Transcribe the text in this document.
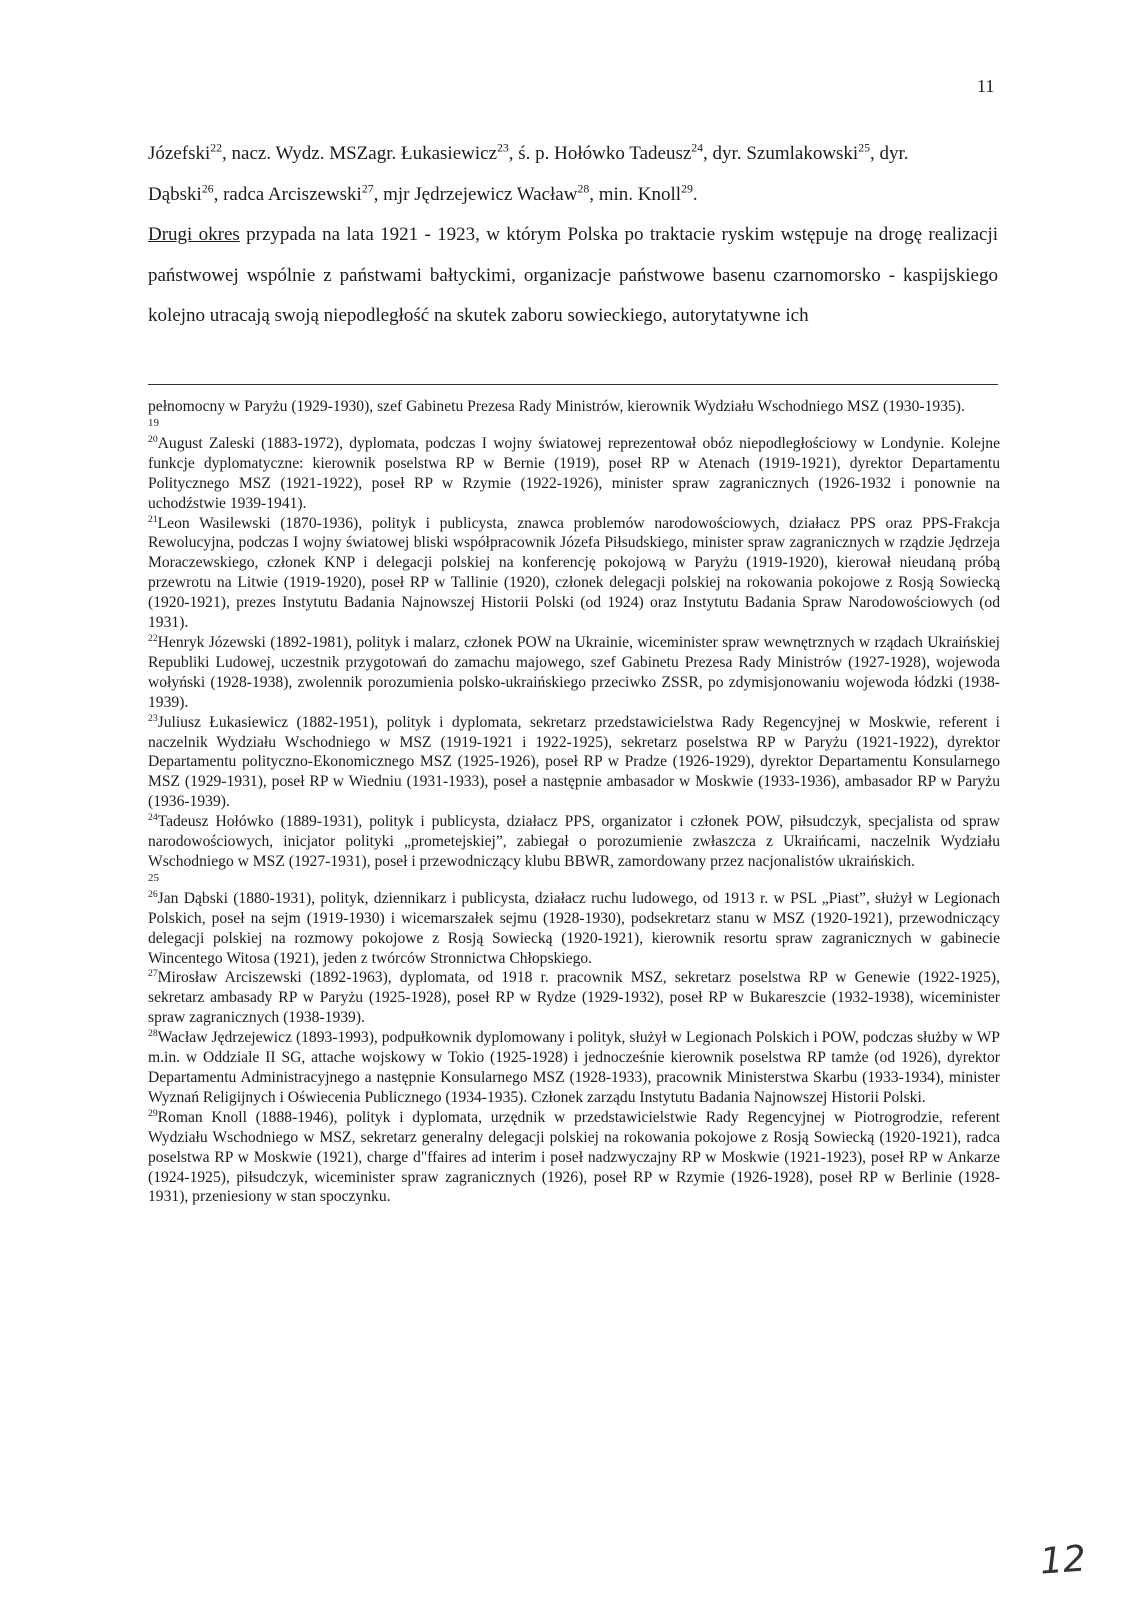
11

Józefski$^{22}$, nacz. Wydz. MSZagr. Łukasiewicz$^{23}$, ś. p. Hołówko Tadeusz$^{24}$, dyr. Szumlakowski$^{25}$, dyr.

Dąbski$^{26}$, radca Arciszewski$^{27}$, mjr Jędrzejewicz Wacław$^{28}$, min. Knoll$^{29}$.

Drugi okres przypada na lata 1921 - 1923, w którym Polska po traktacie ryskim wstępuje na drogę realizacji państwowej wspólnie z państwami bałtyckimi, organizacje państwowe basenu czarnomorsko - kaspijskiego kolejno utracają swoją niepodległość na skutek zaboru sowieckiego, autorytatywne ich

pełnomocny w Paryżu (1929-1930), szef Gabinetu Prezesa Rady Ministrów, kierownik Wydziału Wschodniego MSZ (1930-1935).

19

$^{20}$August Zaleski (1883-1972), dyplomata, podczas I wojny światowej reprezentował obóz niepodległościowy w Londynie. Kolejne funkcje dyplomatyczne: kierownik poselstwa RP w Bernie (1919), poseł RP w Atenach (1919-1921), dyrektor Departamentu Politycznego MSZ (1921-1922), poseł RP w Rzymie (1922-1926), minister spraw zagranicznych (1926-1932 i ponownie na uchodźstwie 1939-1941).

$^{21}$Leon Wasilewski (1870-1936), polityk i publicysta, znawca problemów narodowościowych, działacz PPS oraz PPS-Frakcja Rewolucyjna, podczas I wojny światowej bliski współpracownik Józefa Piłsudskiego, minister spraw zagranicznych w rządzie Jędrzeja Moraczewskiego, członek KNP i delegacji polskiej na konferencję pokojową w Paryżu (1919-1920), kierował nieudaną próbą przewrotu na Litwie (1919-1920), poseł RP w Tallinie (1920), członek delegacji polskiej na rokowania pokojowe z Rosją Sowiecką (1920-1921), prezes Instytutu Badania Najnowszej Historii Polski (od 1924) oraz Instytutu Badania Spraw Narodowościowych (od 1931).

$^{22}$Henryk Józewski (1892-1981), polityk i malarz, członek POW na Ukrainie, wiceminister spraw wewnętrznych w rządach Ukraińskiej Republiki Ludowej, uczestnik przygotowań do zamachu majowego, szef Gabinetu Prezesa Rady Ministrów (1927-1928), wojewoda wołyński (1928-1938), zwolennik porozumienia polsko-ukraińskiego przeciwko ZSSR, po zdymisjonowaniu wojewoda łódzki (1938-1939).

$^{23}$Juliusz Łukasiewicz (1882-1951), polityk i dyplomata, sekretarz przedstawicielstwa Rady Regencyjnej w Moskwie, referent i naczelnik Wydziału Wschodniego w MSZ (1919-1921 i 1922-1925), sekretarz poselstwa RP w Paryżu (1921-1922), dyrektor Departamentu polityczno-Ekonomicznego MSZ (1925-1926), poseł RP w Pradze (1926-1929), dyrektor Departamentu Konsularnego MSZ (1929-1931), poseł RP w Wiedniu (1931-1933), poseł a następnie ambasador w Moskwie (1933-1936), ambasador RP w Paryżu (1936-1939).

$^{24}$Tadeusz Hołówko (1889-1931), polityk i publicysta, działacz PPS, organizator i członek POW, piłsudczyk, specjalista od spraw narodowościowych, inicjator polityki „prometejskiej”, zabiegał o porozumienie zwłaszcza z Ukraińcami, naczelnik Wydziału Wschodniego w MSZ (1927-1931), poseł i przewodniczący klubu BBWR, zamordowany przez nacjonalistów ukraińskich.

25

$^{26}$Jan Dąbski (1880-1931), polityk, dziennikarz i publicysta, działacz ruchu ludowego, od 1913 r. w PSL „Piast”, służył w Legionach Polskich, poseł na sejm (1919-1930) i wicemarszałek sejmu (1928-1930), podsekretarz stanu w MSZ (1920-1921), przewodniczący delegacji polskiej na rozmowy pokojowe z Rosją Sowiecką (1920-1921), kierownik resortu spraw zagranicznych w gabinecie Wincentego Witosa (1921), jeden z twórców Stronnictwa Chłopskiego.

$^{27}$Mirosław Arciszewski (1892-1963), dyplomata, od 1918 r. pracownik MSZ, sekretarz poselstwa RP w Genewie (1922-1925), sekretarz ambasady RP w Paryżu (1925-1928), poseł RP w Rydze (1929-1932), poseł RP w Bukareszcie (1932-1938), wiceminister spraw zagranicznych (1938-1939).

$^{28}$Wacław Jędrzejewicz (1893-1993), podpułkownik dyplomowany i polityk, służył w Legionach Polskich i POW, podczas służby w WP m.in. w Oddziale II SG, attache wojskowy w Tokio (1925-1928) i jednocześnie kierownik poselstwa RP tamże (od 1926), dyrektor Departamentu Administracyjnego a następnie Konsularnego MSZ (1928-1933), pracownik Ministerstwa Skarbu (1933-1934), minister Wyznań Religijnych i Oświecenia Publicznego (1934-1935). Członek zarządu Instytutu Badania Najnowszej Historii Polski.

$^{29}$Roman Knoll (1888-1946), polityk i dyplomata, urzędnik w przedstawicielstwie Rady Regencyjnej w Piotrogrodzie, referent Wydziału Wschodniego w MSZ, sekretarz generalny delegacji polskiej na rokowania pokojowe z Rosją Sowiecką (1920-1921), radca poselstwa RP w Moskwie (1921), charge d"ffaires ad interim i poseł nadzwyczajny RP w Moskwie (1921-1923), poseł RP w Ankarze (1924-1925), piłsudczyk, wiceminister spraw zagranicznych (1926), poseł RP w Rzymie (1926-1928), poseł RP w Berlinie (1928-1931), przeniesiony w stan spoczynku.

12
